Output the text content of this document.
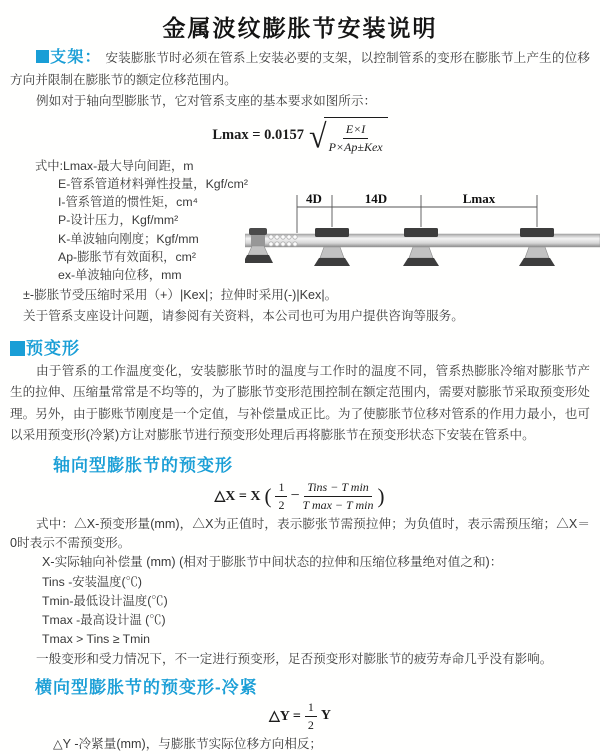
金属波纹膨胀节安装说明
支架： 安装膨胀节时必须在管系上安装必要的支架，以控制管系的变形在膨胀节上产生的位移方向并限制在膨胀节的额定位移范围内。
例如对于轴向型膨胀节，它对管系支座的基本要求如图所示：
Lmax = 0.0157 √ $\frac{E\times I}{\text{P×Ap±Kex}}$
式中:Lmax-最大导向间距，m
E-管系管道材料弹性投量，Kgf/cm²
I-管系管道的惯性矩，cm⁴
P-设计压力，Kgf/mm²
K-单波轴向刚度；Kgf/mm
Ap-膨胀节有效面积，cm²
ex-单波轴向位移，mm
4D	14D	Lmax
±-膨胀节受压缩时采用（+）|Kex|；拉伸时采用(-)|Kex|。
关于管系支座设计问题，请参阅有关资料，本公司也可为用户提供咨询等服务。
预变形
由于管系的工作温度变化，安装膨胀节时的温度与工作时的温度不同，管系热膨胀冷缩对膨胀节产生的拉伸、压缩量常常是不均等的，为了膨胀节变形范围控制在额定范围内，需要对膨胀节采取预变形处理。另外，由于膨账节刚度是一个定值，与补偿量成正比。为了使膨胀节位移对管系的作用力最小，也可以采用预变形(冷紧)方让对膨胀节进行预变形处理后再将膨胀节在预变形状态下安装在管系中。
轴向型膨胀节的预变形
△X = X ( $\frac{1}{2} - \frac{\text{Tins − T min}}{\text{T max − T min}}$ )
式中：△X-预变形量(mm)，△X为正值时，表示膨张节需预拉伸；为负值时，表示需预压缩；△X＝0时表示不需预变形。
X-实际轴向补偿量 (mm) (相对于膨胀节中间状态的拉伸和压缩位移量绝对值之和)：
Tins -安装温度(℃)
Tmin-最低设计温度(℃)
Tmax -最高设计温 (℃)
Tmax > Tins ≥ Tmin
一般变形和受力情况下，不一定进行预变形，足否预变形对膨胀节的疲劳寿命几乎没有影响。
横向型膨胀节的预变形-冷紧
△Y = $\frac{1}{2}$ Y
△Y -冷紧量(mm)，与膨胀节实际位移方向相反；
